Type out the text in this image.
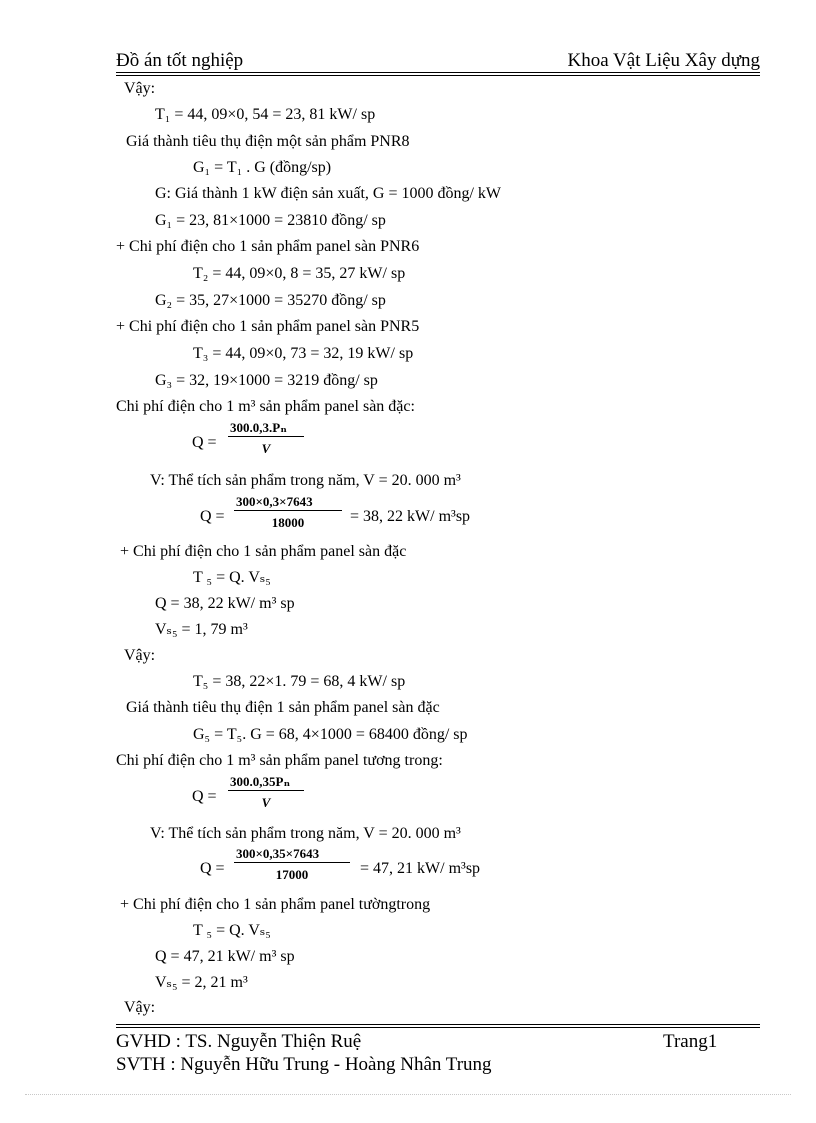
Đồ án tốt nghiệp	Khoa Vật Liệu Xây dựng
Vậy:
T₁ = 44, 09×0, 54 = 23, 81 kW/ sp
Giá thành tiêu thụ điện một sản phẩm PNR8
G₁ = T₁ . G (đồng/sp)
G: Giá thành 1 kW điện sản xuất, G = 1000 đồng/ kW
G₁ = 23, 81×1000 = 23810 đồng/ sp
+ Chi phí điện cho 1 sản phẩm panel sàn PNR6
T₂ = 44, 09×0, 8 = 35, 27 kW/ sp
G₂ = 35, 27×1000 = 35270 đồng/ sp
+ Chi phí điện cho 1 sản phẩm panel sàn PNR5
T₃ = 44, 09×0, 73 = 32, 19 kW/ sp
G₃ = 32, 19×1000 = 3219 đồng/ sp
Chi phí điện cho 1 m³ sản phẩm panel sàn đặc:
Q =
300.0,3.Pₙ
V
V: Thể tích sản phẩm trong năm, V = 20. 000 m³
Q =
300×0,3×7643
18000	= 38, 22 kW/ m³sp
+ Chi phí điện cho 1 sản phẩm panel sàn đặc
T ₅ = Q. Vₛ₅
Q = 38, 22 kW/ m³ sp
Vₛ₅ = 1, 79 m³
Vậy:
T₅ = 38, 22×1. 79 = 68, 4 kW/ sp
Giá thành tiêu thụ điện 1 sản phẩm panel sàn đặc
G₅ = T₅. G = 68, 4×1000 = 68400 đồng/ sp
Chi phí điện cho 1 m³ sản phẩm panel tương trong:
Q =
300.0,35Pₙ
V
V: Thể tích sản phẩm trong năm, V = 20. 000 m³
Q =
300×0,35×7643
17000	= 47, 21 kW/ m³sp
+ Chi phí điện cho 1 sản phẩm panel tườngtrong
T ₅ = Q. Vₛ₅
Q = 47, 21 kW/ m³ sp
Vₛ₅ = 2, 21 m³
Vậy:
GVHD : TS. Nguyễn Thiện Ruệ	Trang1
SVTH : Nguyễn Hữu Trung - Hoàng Nhân Trung
